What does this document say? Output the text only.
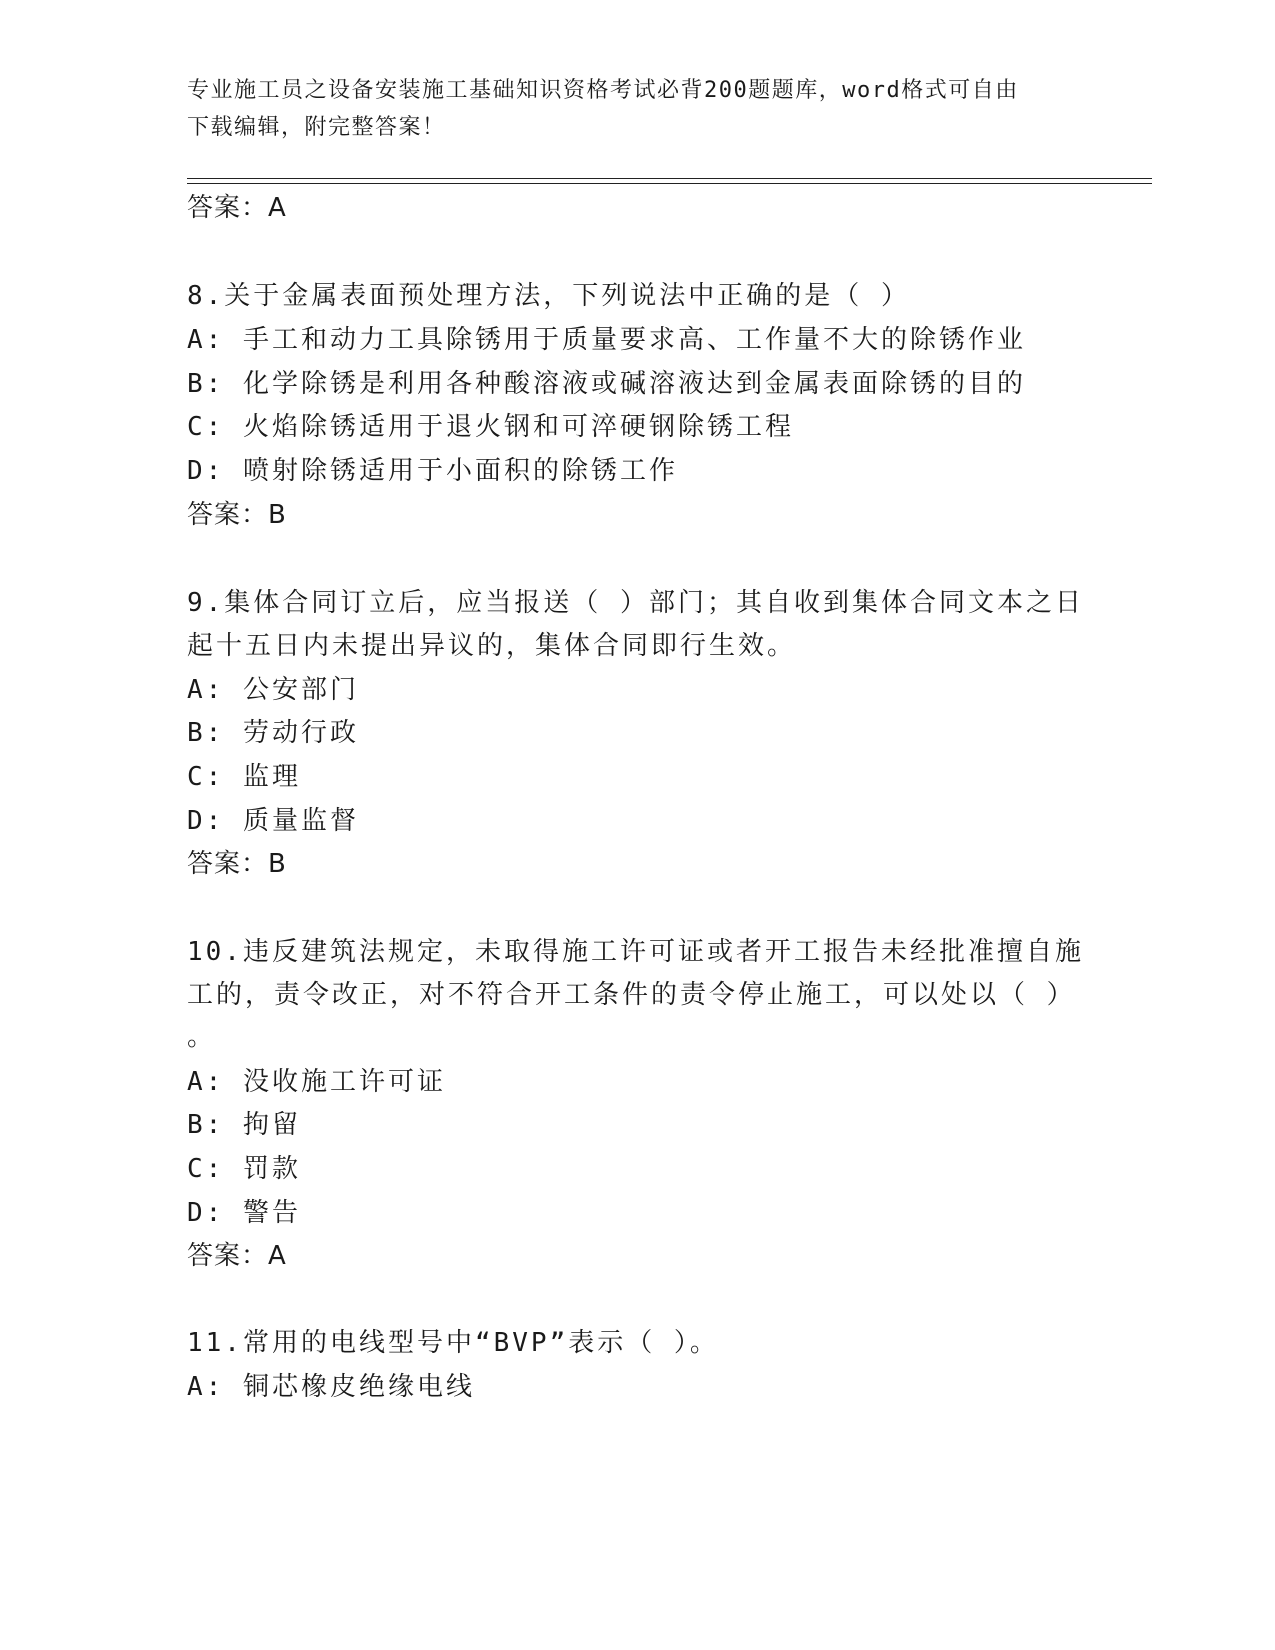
专业施工员之设备安装施工基础知识资格考试必背200题题库，word格式可自由
下载编辑，附完整答案！
答案：A
8.关于金属表面预处理方法，下列说法中正确的是（ ）
A: 手工和动力工具除锈用于质量要求高、工作量不大的除锈作业
B: 化学除锈是利用各种酸溶液或碱溶液达到金属表面除锈的目的
C: 火焰除锈适用于退火钢和可淬硬钢除锈工程
D: 喷射除锈适用于小面积的除锈工作
答案：B
9.集体合同订立后，应当报送（ ）部门；其自收到集体合同文本之日
起十五日内未提出异议的，集体合同即行生效。
A: 公安部门
B: 劳动行政
C: 监理
D: 质量监督
答案：B
10.违反建筑法规定，未取得施工许可证或者开工报告未经批准擅自施
工的，责令改正，对不符合开工条件的责令停止施工，可以处以（ ）
。
A: 没收施工许可证
B: 拘留
C: 罚款
D: 警告
答案：A
11.常用的电线型号中“BVP”表示（ ）。
A: 铜芯橡皮绝缘电线
